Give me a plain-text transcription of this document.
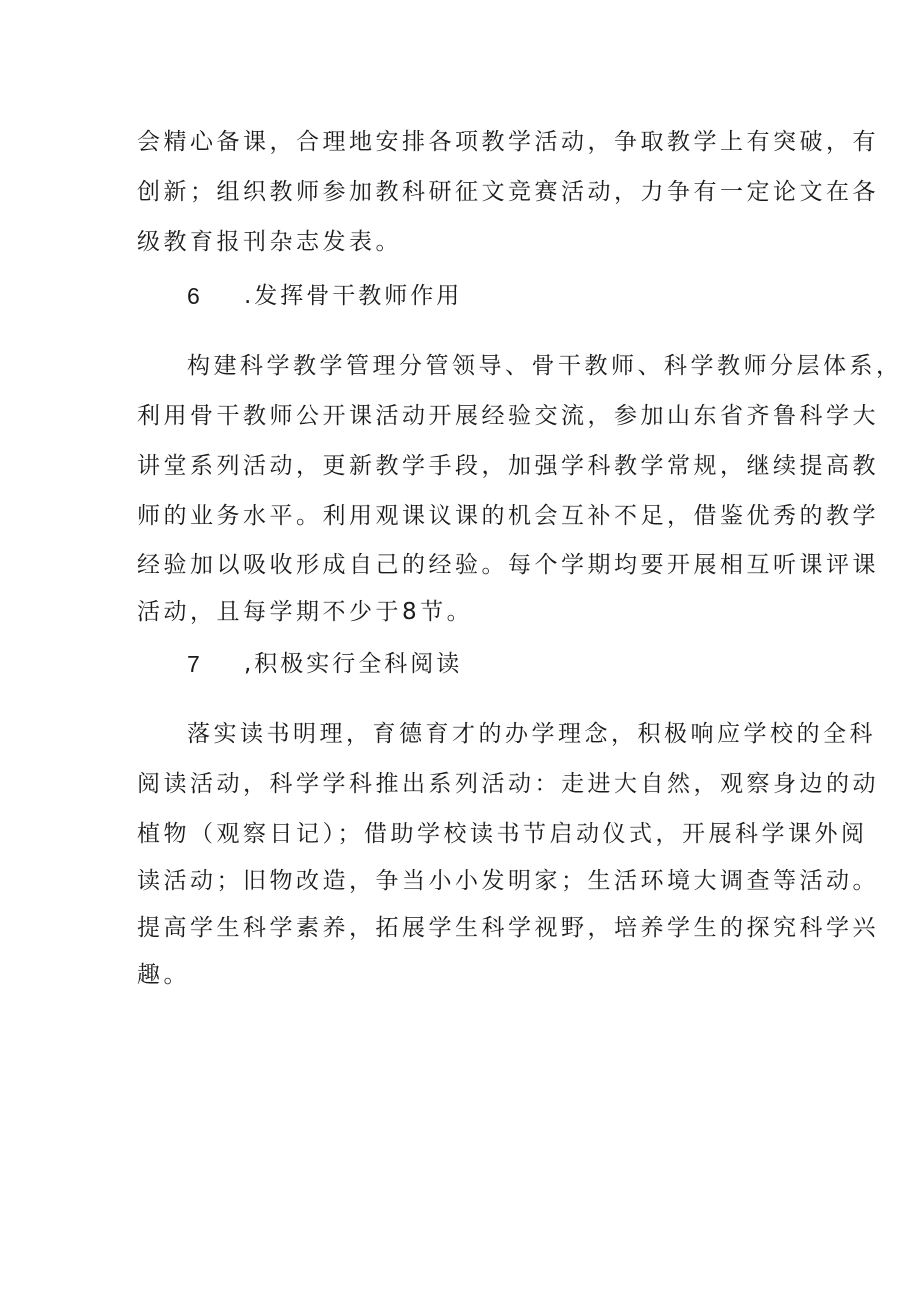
会精心备课，合理地安排各项教学活动，争取教学上有突破，有
创新；组织教师参加教科研征文竞赛活动，力争有一定论文在各
级教育报刊杂志发表。
6 .发挥骨干教师作用
构建科学教学管理分管领导、骨干教师、科学教师分层体系，
利用骨干教师公开课活动开展经验交流，参加山东省齐鲁科学大
讲堂系列活动，更新教学手段，加强学科教学常规，继续提高教
师的业务水平。利用观课议课的机会互补不足，借鉴优秀的教学
经验加以吸收形成自己的经验。每个学期均要开展相互听课评课
活动，且每学期不少于8节。
7 ,积极实行全科阅读
落实读书明理，育德育才的办学理念，积极响应学校的全科
阅读活动，科学学科推出系列活动：走进大自然，观察身边的动
植物（观察日记）；借助学校读书节启动仪式，开展科学课外阅
读活动；旧物改造，争当小小发明家；生活环境大调查等活动。
提高学生科学素养，拓展学生科学视野，培养学生的探究科学兴
趣。
